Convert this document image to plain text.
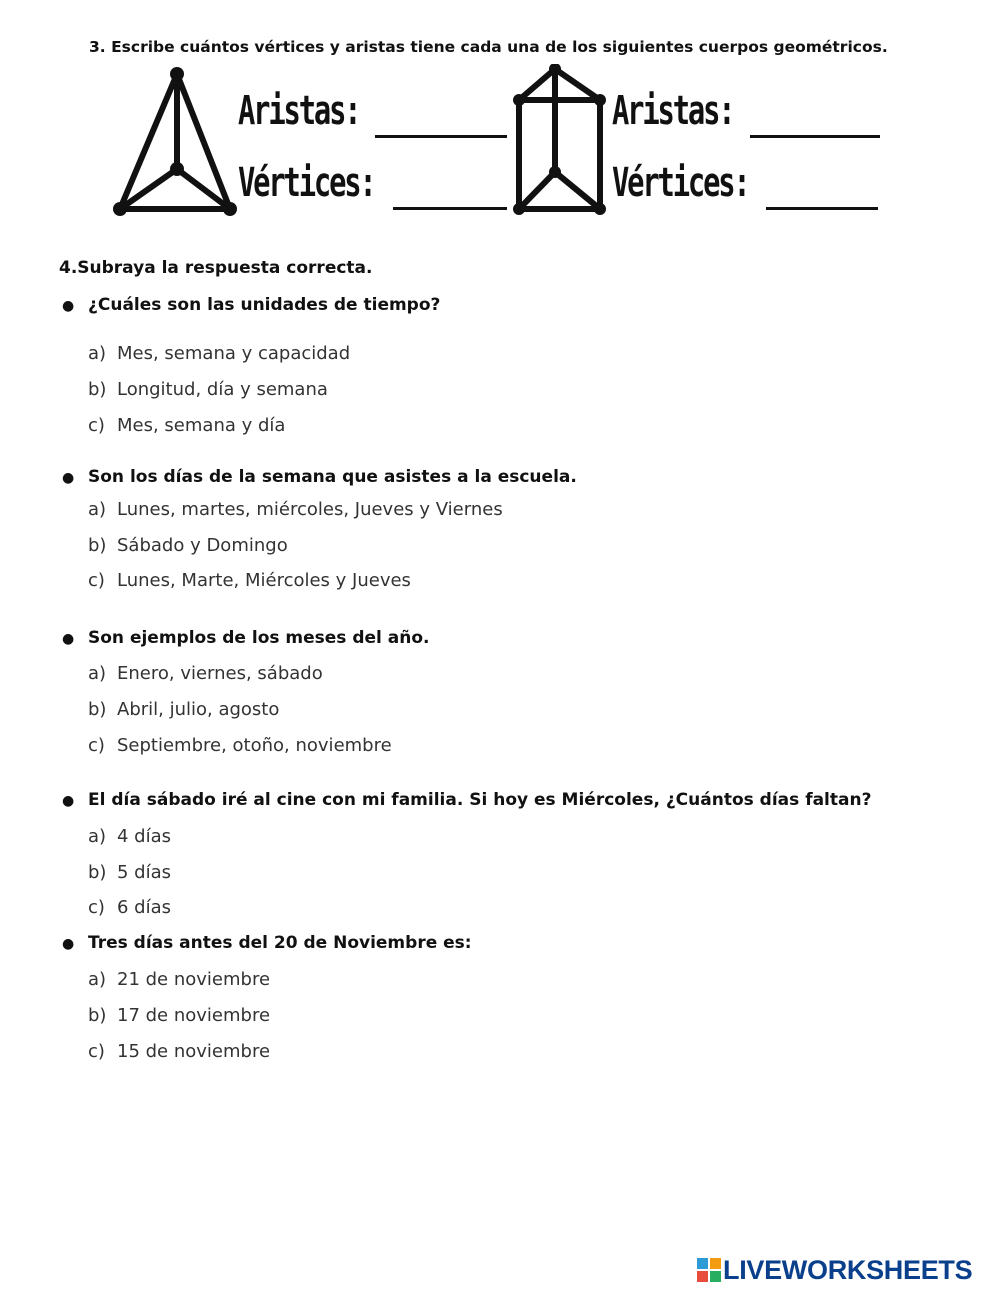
3. Escribe cuántos vértices y aristas tiene cada una de los siguientes cuerpos geométricos.
Aristas:
Vértices:
Aristas:
Vértices:
4.Subraya la respuesta correcta.
● ¿Cuáles son las unidades de tiempo?
a) Mes, semana y capacidad
b) Longitud, día y semana
c) Mes, semana y día
● Son los días de la semana que asistes a la escuela.
a) Lunes, martes, miércoles, Jueves y Viernes
b) Sábado y Domingo
c) Lunes, Marte, Miércoles y Jueves
● Son ejemplos de los meses del año.
a) Enero, viernes, sábado
b) Abril, julio, agosto
c) Septiembre, otoño, noviembre
● El día sábado iré al cine con mi familia. Si hoy es Miércoles, ¿Cuántos días faltan?
a) 4 días
b) 5 días
c) 6 días
● Tres días antes del 20 de Noviembre es:
a) 21 de noviembre
b) 17 de noviembre
c) 15 de noviembre
LIVEWORKSHEETS
